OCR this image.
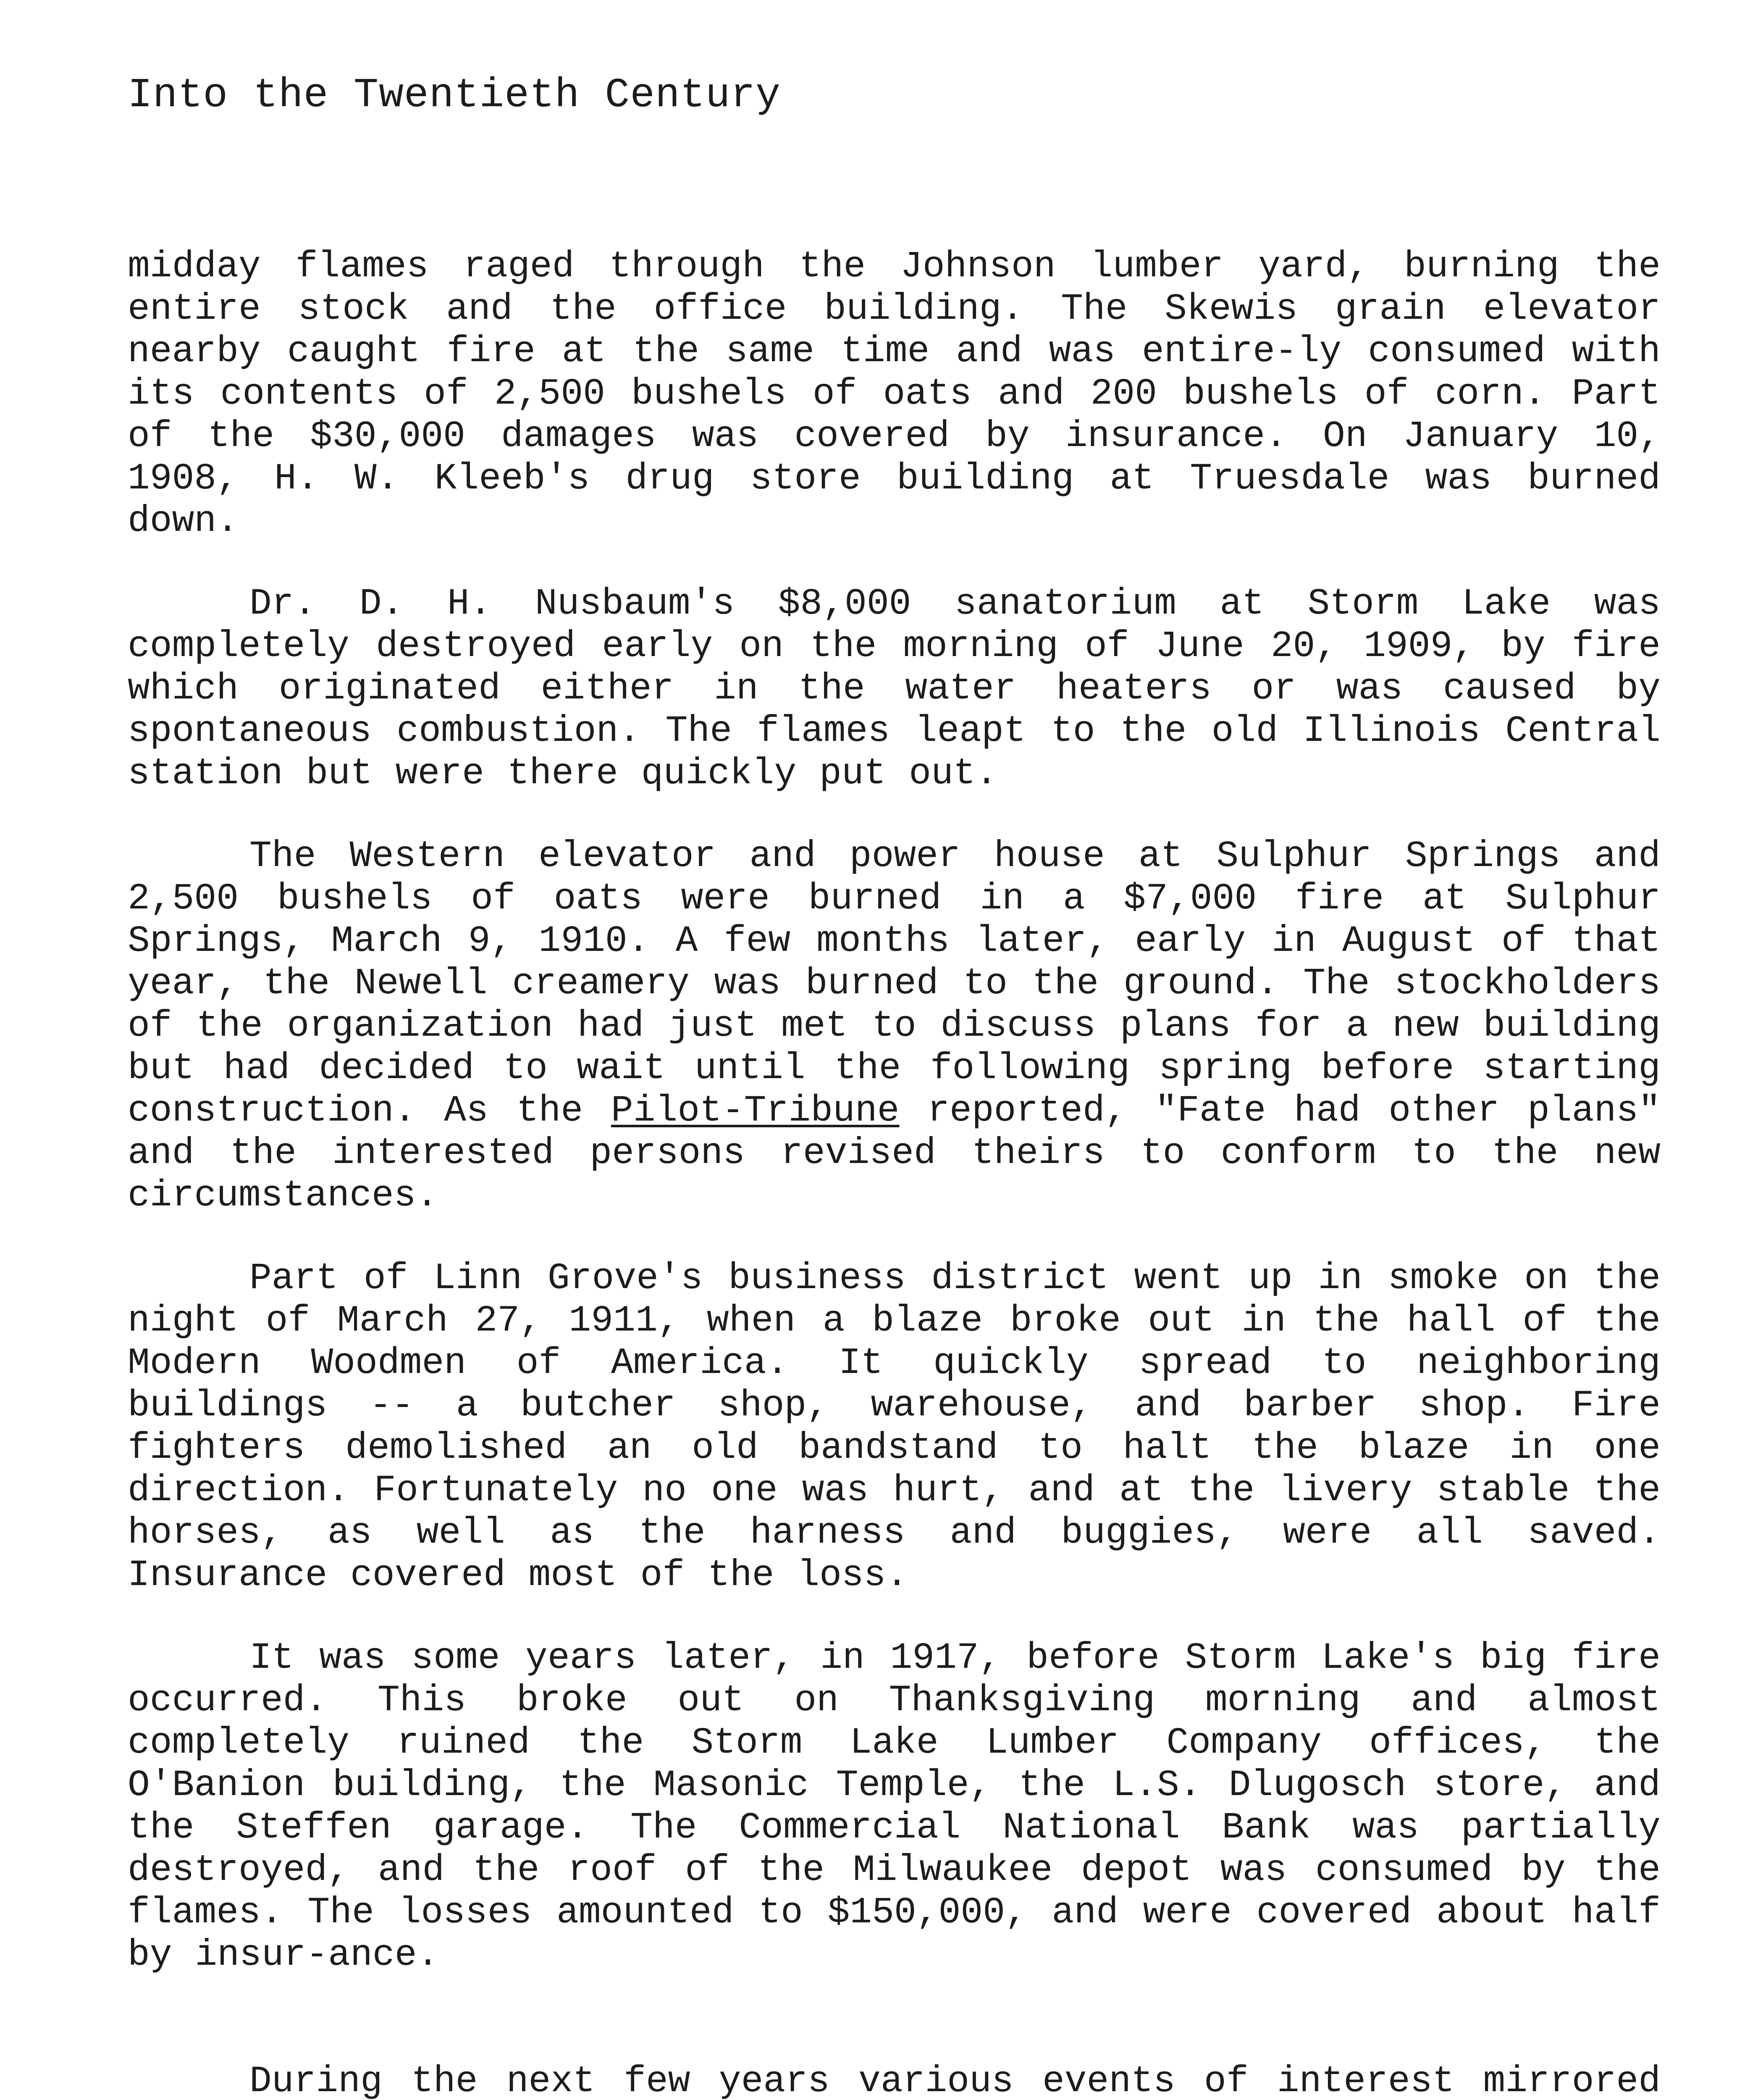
Into the Twentieth Century

midday flames raged through the Johnson lumber yard, burning the entire stock and the office building. The Skewis grain elevator nearby caught fire at the same time and was entire-ly consumed with its contents of 2,500 bushels of oats and 200 bushels of corn. Part of the $30,000 damages was covered by insurance. On January 10, 1908, H. W. Kleeb's drug store building at Truesdale was burned down.

Dr. D. H. Nusbaum's $8,000 sanatorium at Storm Lake was completely destroyed early on the morning of June 20, 1909, by fire which originated either in the water heaters or was caused by spontaneous combustion. The flames leapt to the old Illinois Central station but were there quickly put out.

The Western elevator and power house at Sulphur Springs and 2,500 bushels of oats were burned in a $7,000 fire at Sulphur Springs, March 9, 1910. A few months later, early in August of that year, the Newell creamery was burned to the ground. The stockholders of the organization had just met to discuss plans for a new building but had decided to wait until the following spring before starting construction. As the Pilot-Tribune reported, "Fate had other plans" and the interested persons revised theirs to conform to the new circumstances.

Part of Linn Grove's business district went up in smoke on the night of March 27, 1911, when a blaze broke out in the hall of the Modern Woodmen of America. It quickly spread to neighboring buildings -- a butcher shop, warehouse, and barber shop. Fire fighters demolished an old bandstand to halt the blaze in one direction. Fortunately no one was hurt, and at the livery stable the horses, as well as the harness and buggies, were all saved. Insurance covered most of the loss.

It was some years later, in 1917, before Storm Lake's big fire occurred. This broke out on Thanksgiving morning and almost completely ruined the Storm Lake Lumber Company offices, the O'Banion building, the Masonic Temple, the L.S. Dlugosch store, and the Steffen garage. The Commercial National Bank was partially destroyed, and the roof of the Milwaukee depot was consumed by the flames. The losses amounted to $150,000, and were covered about half by insur-ance.

During the next few years various events of interest mirrored
